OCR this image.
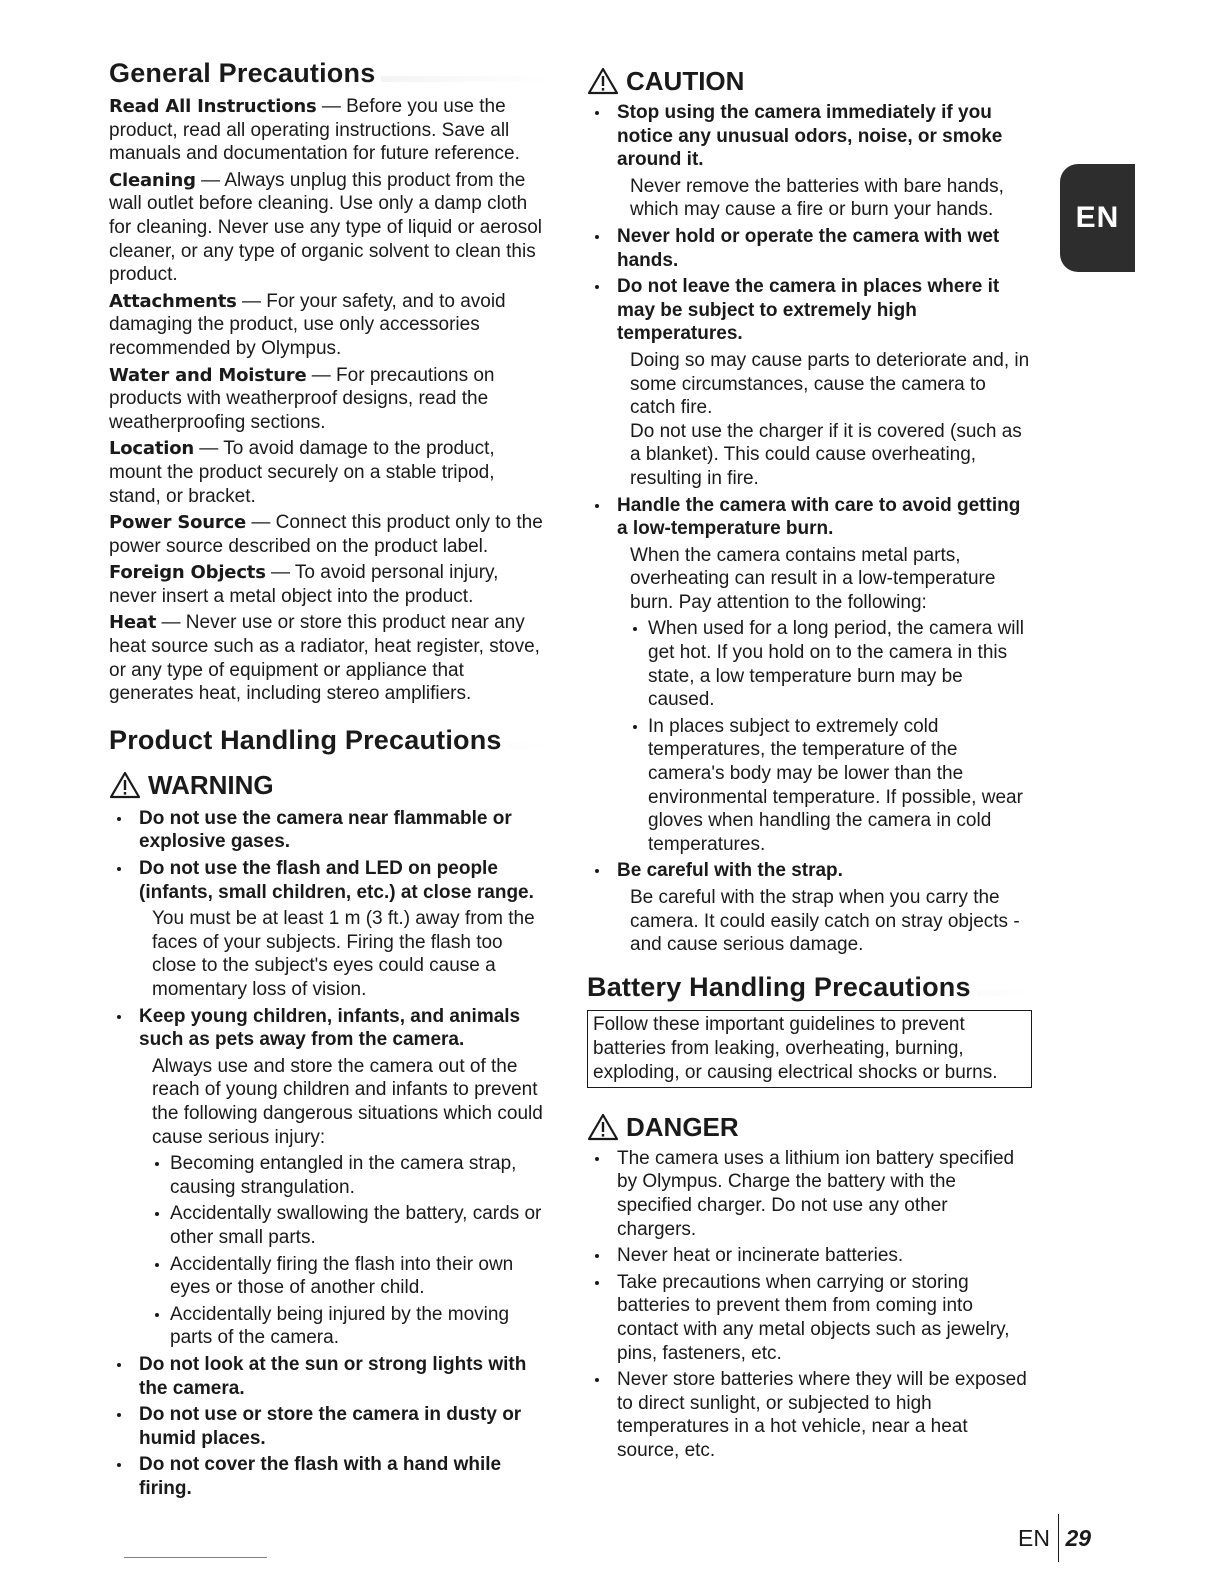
General Precautions

Read All Instructions — Before you use the product, read all operating instructions. Save all manuals and documentation for future reference.

Cleaning — Always unplug this product from the wall outlet before cleaning. Use only a damp cloth for cleaning. Never use any type of liquid or aerosol cleaner, or any type of organic solvent to clean this product.

Attachments — For your safety, and to avoid damaging the product, use only accessories recommended by Olympus.

Water and Moisture — For precautions on products with weatherproof designs, read the weatherproofing sections.

Location — To avoid damage to the product, mount the product securely on a stable tripod, stand, or bracket.

Power Source — Connect this product only to the power source described on the product label.

Foreign Objects — To avoid personal injury, never insert a metal object into the product.

Heat — Never use or store this product near any heat source such as a radiator, heat register, stove, or any type of equipment or appliance that generates heat, including stereo amplifiers.

Product Handling Precautions
WARNING
Do not use the camera near flammable or explosive gases.
Do not use the flash and LED on people (infants, small children, etc.) at close range.
You must be at least 1 m (3 ft.) away from the faces of your subjects. Firing the flash too close to the subject's eyes could cause a momentary loss of vision.
Keep young children, infants, and animals such as pets away from the camera.
Always use and store the camera out of the reach of young children and infants to prevent the following dangerous situations which could cause serious injury:
Becoming entangled in the camera strap, causing strangulation.
Accidentally swallowing the battery, cards or other small parts.
Accidentally firing the flash into their own eyes or those of another child.
Accidentally being injured by the moving parts of the camera.
Do not look at the sun or strong lights with the camera.
Do not use or store the camera in dusty or humid places.
Do not cover the flash with a hand while firing.
CAUTION
Stop using the camera immediately if you notice any unusual odors, noise, or smoke around it.
Never remove the batteries with bare hands, which may cause a fire or burn your hands.
Never hold or operate the camera with wet hands.
Do not leave the camera in places where it may be subject to extremely high temperatures.
Doing so may cause parts to deteriorate and, in some circumstances, cause the camera to catch fire.
Do not use the charger if it is covered (such as a blanket). This could cause overheating, resulting in fire.
Handle the camera with care to avoid getting a low-temperature burn.
When the camera contains metal parts, overheating can result in a low-temperature burn. Pay attention to the following:
When used for a long period, the camera will get hot. If you hold on to the camera in this state, a low temperature burn may be caused.
In places subject to extremely cold temperatures, the temperature of the camera's body may be lower than the environmental temperature. If possible, wear gloves when handling the camera in cold temperatures.
Be careful with the strap.
Be careful with the strap when you carry the camera. It could easily catch on stray objects - and cause serious damage.
Battery Handling Precautions
Follow these important guidelines to prevent batteries from leaking, overheating, burning, exploding, or causing electrical shocks or burns.
DANGER
The camera uses a lithium ion battery specified by Olympus. Charge the battery with the specified charger. Do not use any other chargers.
Never heat or incinerate batteries.
Take precautions when carrying or storing batteries to prevent them from coming into contact with any metal objects such as jewelry, pins, fasteners, etc.
Never store batteries where they will be exposed to direct sunlight, or subjected to high temperatures in a hot vehicle, near a heat source, etc.
EN
EN 29
